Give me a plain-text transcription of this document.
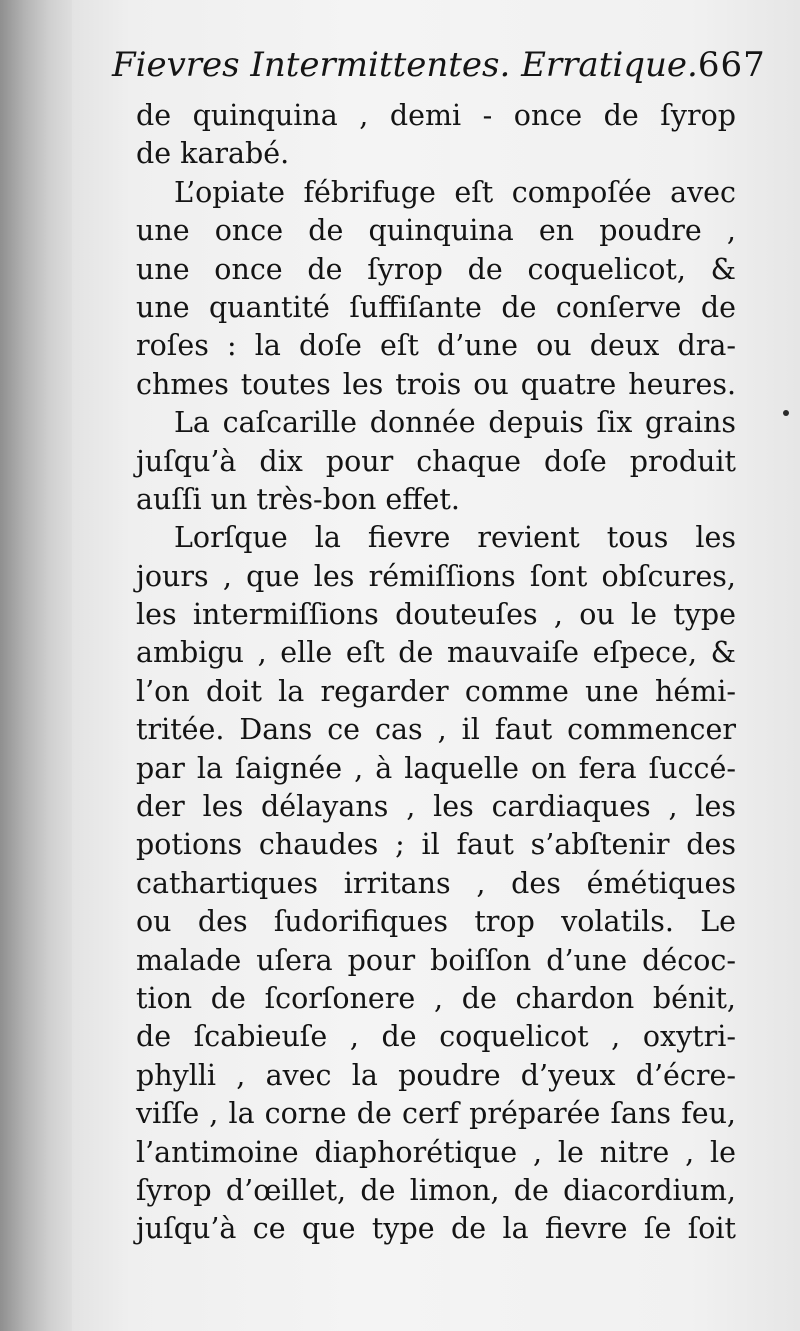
Fievres Intermittentes. Erratique. 667
de quinquina , demi - once de ſyrop
de karabé.
L’opiate fébrifuge eſt compoſée avec
une once de quinquina en poudre ,
une once de ſyrop de coquelicot, &
une quantité ſuffiſante de conſerve de
roſes : la doſe eſt d’une ou deux dra-
chmes toutes les trois ou quatre heures.
La caſcarille donnée depuis ſix grains
juſqu’à dix pour chaque doſe produit
auſſi un très-bon effet.
Lorſque la fievre revient tous les
jours , que les rémiſſions ſont obſcures,
les intermiſſions douteuſes , ou le type
ambigu , elle eſt de mauvaiſe eſpece, &
l’on doit la regarder comme une hémi-
tritée. Dans ce cas , il faut commencer
par la ſaignée , à laquelle on fera ſuccé-
der les délayans , les cardiaques , les
potions chaudes ; il faut s’abſtenir des
cathartiques irritans , des émétiques
ou des ſudorifiques trop volatils. Le
malade uſera pour boiſſon d’une décoc-
tion de ſcorſonere , de chardon bénit,
de ſcabieuſe , de coquelicot , oxytri-
phylli , avec la poudre d’yeux d’écre-
viſſe , la corne de cerf préparée ſans feu,
l’antimoine diaphorétique , le nitre , le
ſyrop d’œillet, de limon, de diacordium,
juſqu’à ce que type de la fievre ſe ſoit
